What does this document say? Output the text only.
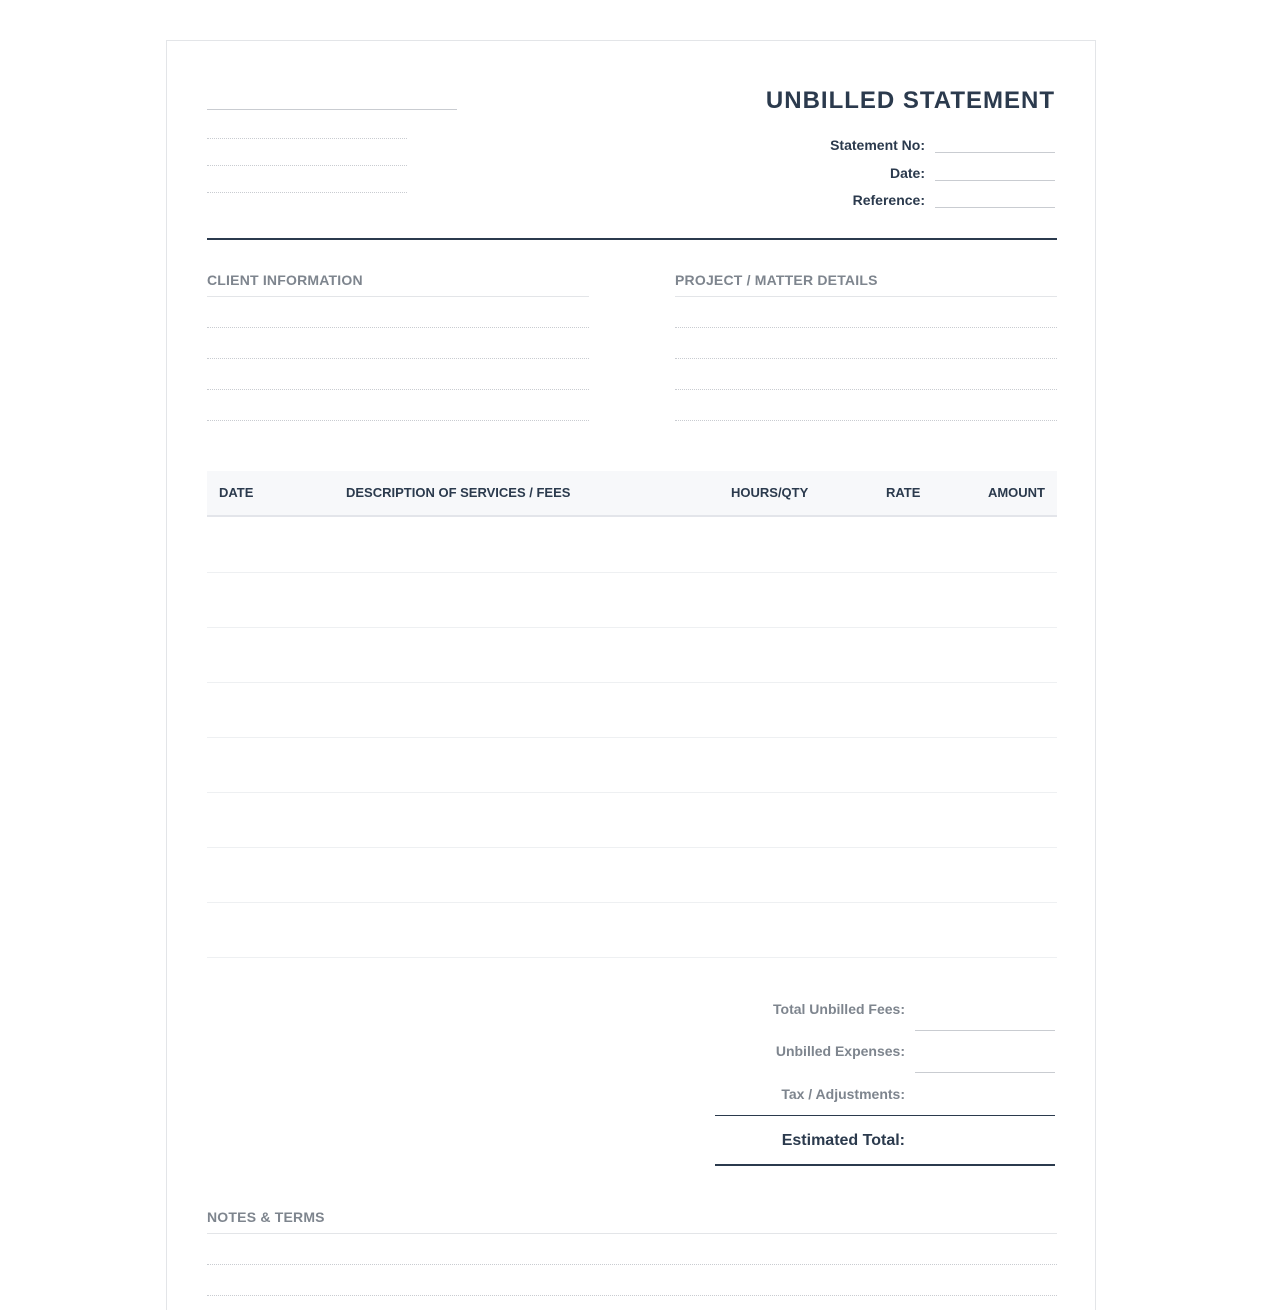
UNBILLED STATEMENT
Statement No:
Date:
Reference:
CLIENT INFORMATION	PROJECT / MATTER DETAILS
DATE	DESCRIPTION OF SERVICES / FEES	HOURS/QTY	RATE	AMOUNT
Total Unbilled Fees:
Unbilled Expenses:
Tax / Adjustments:
Estimated Total:
NOTES & TERMS
